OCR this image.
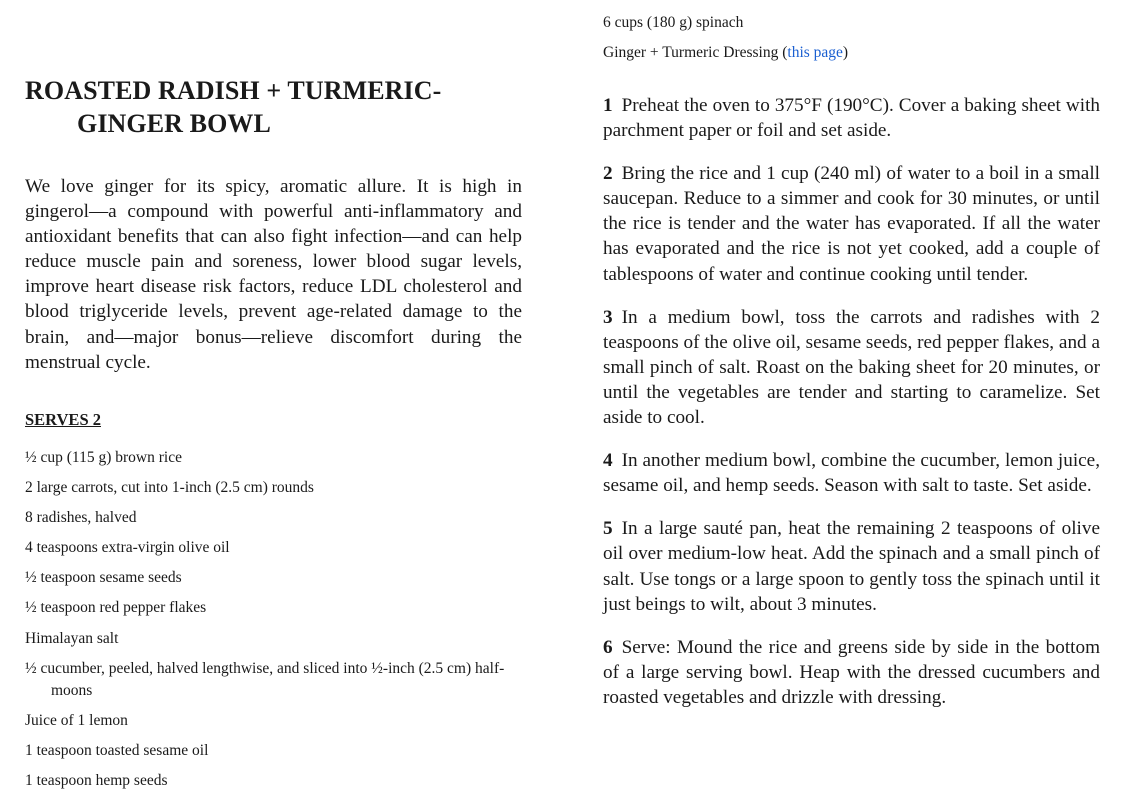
ROASTED RADISH + TURMERIC-GINGER BOWL

We love ginger for its spicy, aromatic allure. It is high in gingerol—a compound with powerful anti-inflammatory and antioxidant benefits that can also fight infection—and can help reduce muscle pain and soreness, lower blood sugar levels, improve heart disease risk factors, reduce LDL cholesterol and blood triglyceride levels, prevent age-related damage to the brain, and—major bonus—relieve discomfort during the menstrual cycle.

SERVES 2

½ cup (115 g) brown rice
2 large carrots, cut into 1-inch (2.5 cm) rounds
8 radishes, halved
4 teaspoons extra-virgin olive oil
½ teaspoon sesame seeds
½ teaspoon red pepper flakes
Himalayan salt
½ cucumber, peeled, halved lengthwise, and sliced into ½-inch (2.5 cm) half-moons
Juice of 1 lemon
1 teaspoon toasted sesame oil
1 teaspoon hemp seeds
6 cups (180 g) spinach
Ginger + Turmeric Dressing (this page)
1 Preheat the oven to 375°F (190°C). Cover a baking sheet with parchment paper or foil and set aside.
2 Bring the rice and 1 cup (240 ml) of water to a boil in a small saucepan. Reduce to a simmer and cook for 30 minutes, or until the rice is tender and the water has evaporated. If all the water has evaporated and the rice is not yet cooked, add a couple of tablespoons of water and continue cooking until tender.
3 In a medium bowl, toss the carrots and radishes with 2 teaspoons of the olive oil, sesame seeds, red pepper flakes, and a small pinch of salt. Roast on the baking sheet for 20 minutes, or until the vegetables are tender and starting to caramelize. Set aside to cool.
4 In another medium bowl, combine the cucumber, lemon juice, sesame oil, and hemp seeds. Season with salt to taste. Set aside.
5 In a large sauté pan, heat the remaining 2 teaspoons of olive oil over medium-low heat. Add the spinach and a small pinch of salt. Use tongs or a large spoon to gently toss the spinach until it just beings to wilt, about 3 minutes.
6 Serve: Mound the rice and greens side by side in the bottom of a large serving bowl. Heap with the dressed cucumbers and roasted vegetables and drizzle with dressing.
